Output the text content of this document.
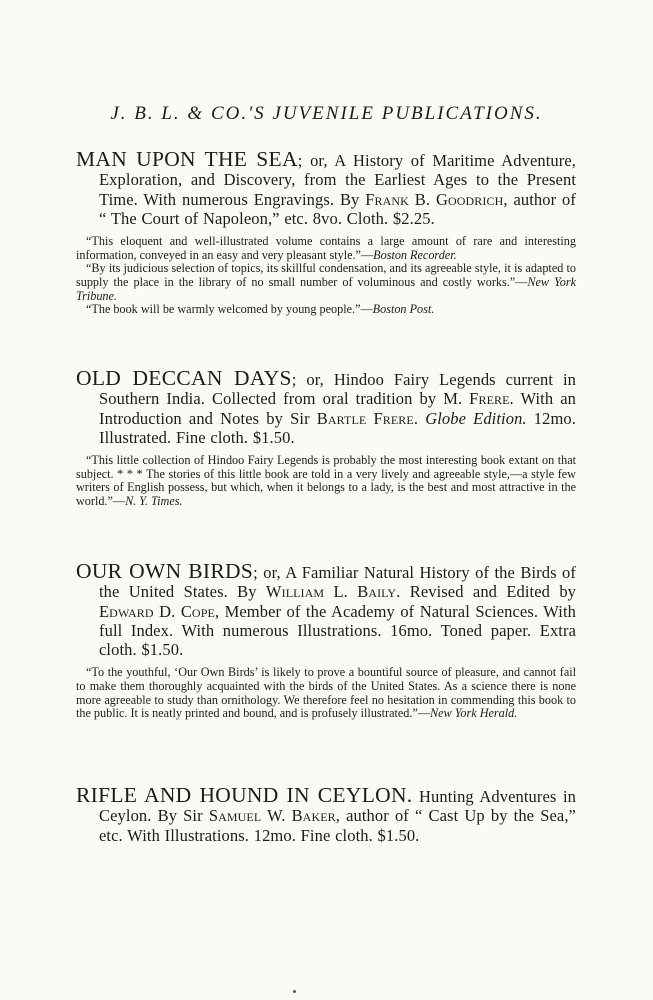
J. B. L. & CO.'S JUVENILE PUBLICATIONS.
MAN UPON THE SEA; or, A History of Maritime Adventure, Exploration, and Discovery, from the Earliest Ages to the Present Time. With numerous Engravings. By Frank B. Goodrich, author of “ The Court of Napoleon,” etc. 8vo. Cloth. $2.25.
“This eloquent and well-illustrated volume contains a large amount of rare and interesting information, conveyed in an easy and very pleasant style.”—Boston Recorder.
“By its judicious selection of topics, its skillful condensation, and its agreeable style, it is adapted to supply the place in the library of no small number of voluminous and costly works.”—New York Tribune.
“The book will be warmly welcomed by young people.”—Boston Post.
OLD DECCAN DAYS; or, Hindoo Fairy Legends current in Southern India. Collected from oral tradition by M. Frere. With an Introduction and Notes by Sir Bartle Frere. Globe Edition. 12mo. Illustrated. Fine cloth. $1.50.
“This little collection of Hindoo Fairy Legends is probably the most interesting book extant on that subject. * * * The stories of this little book are told in a very lively and agreeable style,—a style few writers of English possess, but which, when it belongs to a lady, is the best and most attractive in the world.”—N. Y. Times.
OUR OWN BIRDS; or, A Familiar Natural History of the Birds of the United States. By William L. Baily. Revised and Edited by Edward D. Cope, Member of the Academy of Natural Sciences. With full Index. With numerous Illustrations. 16mo. Toned paper. Extra cloth. $1.50.
“To the youthful, ‘Our Own Birds’ is likely to prove a bountiful source of pleasure, and cannot fail to make them thoroughly acquainted with the birds of the United States. As a science there is none more agreeable to study than ornithology. We therefore feel no hesitation in commending this book to the public. It is neatly printed and bound, and is profusely illustrated.”—New York Herald.
RIFLE AND HOUND IN CEYLON. Hunting Adventures in Ceylon. By Sir Samuel W. Baker, author of “ Cast Up by the Sea,” etc. With Illustrations. 12mo. Fine cloth. $1.50.
